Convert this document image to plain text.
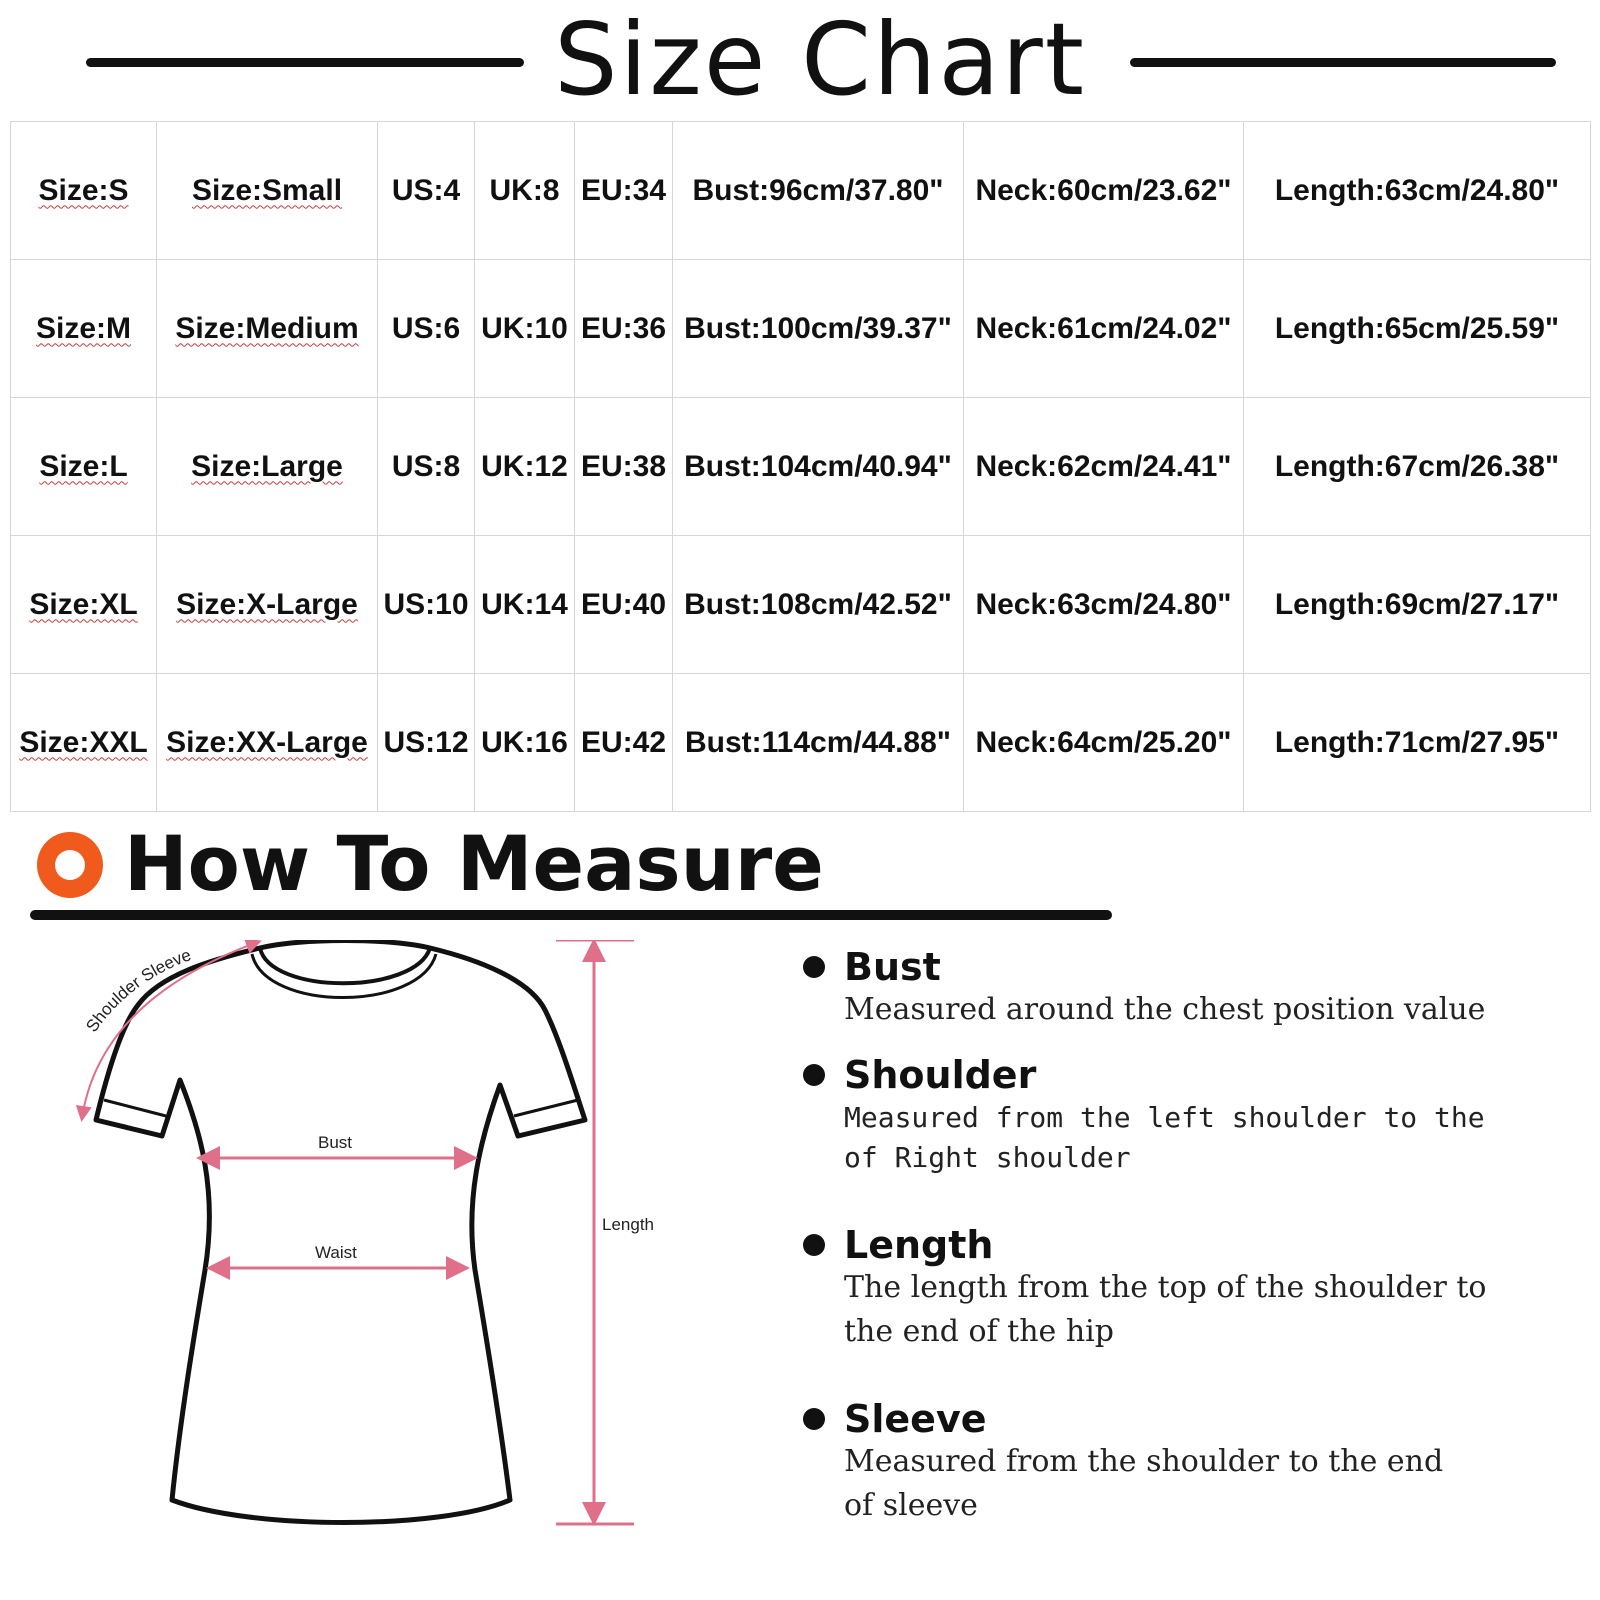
Size Chart
Size:S	Size:Small	US:4	UK:8	EU:34	Bust:96cm/37.80"	Neck:60cm/23.62"	Length:63cm/24.80"
Size:M	Size:Medium	US:6	UK:10	EU:36	Bust:100cm/39.37"	Neck:61cm/24.02"	Length:65cm/25.59"
Size:L	Size:Large	US:8	UK:12	EU:38	Bust:104cm/40.94"	Neck:62cm/24.41"	Length:67cm/26.38"
Size:XL	Size:X-Large	US:10	UK:14	EU:40	Bust:108cm/42.52"	Neck:63cm/24.80"	Length:69cm/27.17"
Size:XXL	Size:XX-Large	US:12	UK:16	EU:42	Bust:114cm/44.88"	Neck:64cm/25.20"	Length:71cm/27.95"
How To Measure
Shoulder Sleeve
Bust
Waist
Length
Bust

Measured around the chest position value

Shoulder

Measured from the left shoulder to the

of Right shoulder

Length

The length from the top of the shoulder to

the end of the hip

Sleeve

Measured from the shoulder to the end

of sleeve
